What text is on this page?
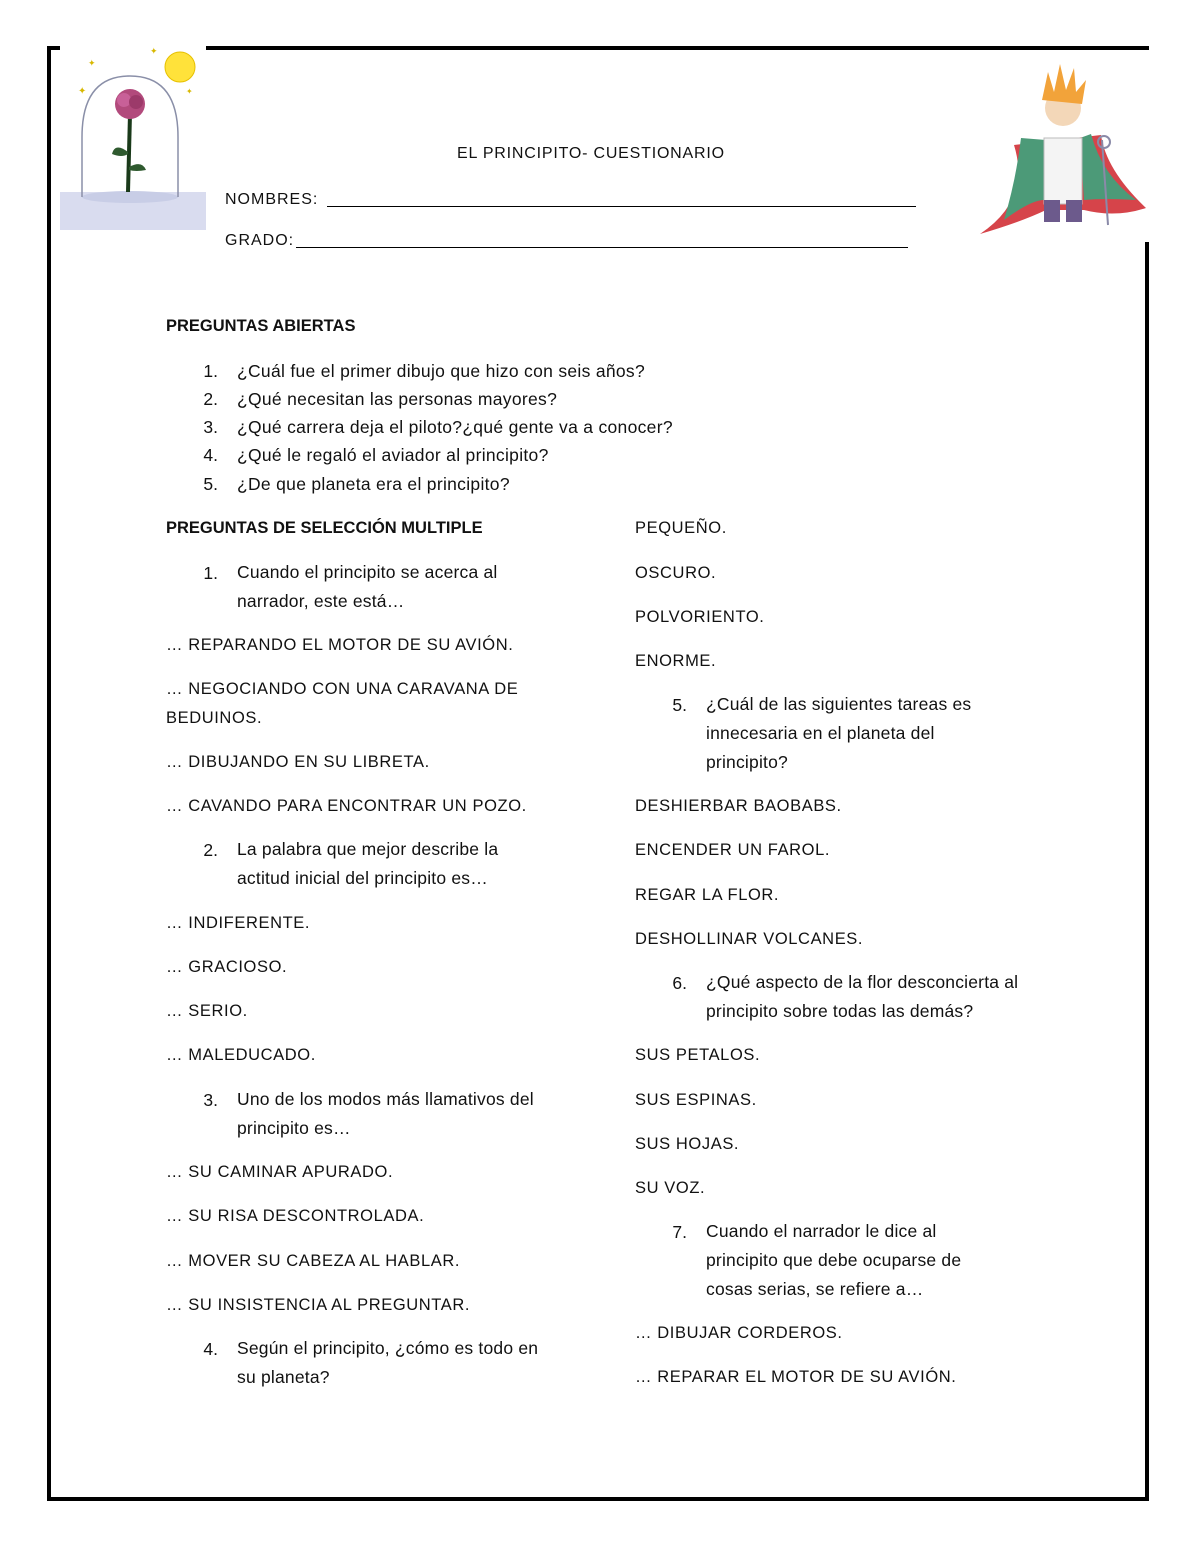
✦
✦
✦
✦
EL PRINCIPITO- CUESTIONARIO
NOMBRES:
GRADO:
PREGUNTAS ABIERTAS
1. ¿Cuál fue el primer dibujo que hizo con seis años?
2. ¿Qué necesitan las personas mayores?
3. ¿Qué carrera deja el piloto?¿qué gente va a conocer?
4. ¿Qué le regaló el aviador al principito?
5. ¿De que planeta era el principito?
PREGUNTAS DE SELECCIÓN MULTIPLE
1. Cuando el principito se acerca al narrador, este está…
… REPARANDO EL MOTOR DE SU AVIÓN.
… NEGOCIANDO CON UNA CARAVANA DE
BEDUINOS.
… DIBUJANDO EN SU LIBRETA.
… CAVANDO PARA ENCONTRAR UN POZO.
2. La palabra que mejor describe la actitud inicial del principito es…
… INDIFERENTE.
… GRACIOSO.
… SERIO.
… MALEDUCADO.
3. Uno de los modos más llamativos del principito es…
… SU CAMINAR APURADO.
… SU RISA DESCONTROLADA.
… MOVER SU CABEZA AL HABLAR.
… SU INSISTENCIA AL PREGUNTAR.
4. Según el principito, ¿cómo es todo en su planeta?
PEQUEÑO.
OSCURO.
POLVORIENTO.
ENORME.
5. ¿Cuál de las siguientes tareas es innecesaria en el planeta del principito?
DESHIERBAR BAOBABS.
ENCENDER UN FAROL.
REGAR LA FLOR.
DESHOLLINAR VOLCANES.
6. ¿Qué aspecto de la flor desconcierta al principito sobre todas las demás?
SUS PETALOS.
SUS ESPINAS.
SUS HOJAS.
SU VOZ.
7. Cuando el narrador le dice al principito que debe ocuparse de cosas serias, se refiere a…
… DIBUJAR CORDEROS.
… REPARAR EL MOTOR DE SU AVIÓN.
